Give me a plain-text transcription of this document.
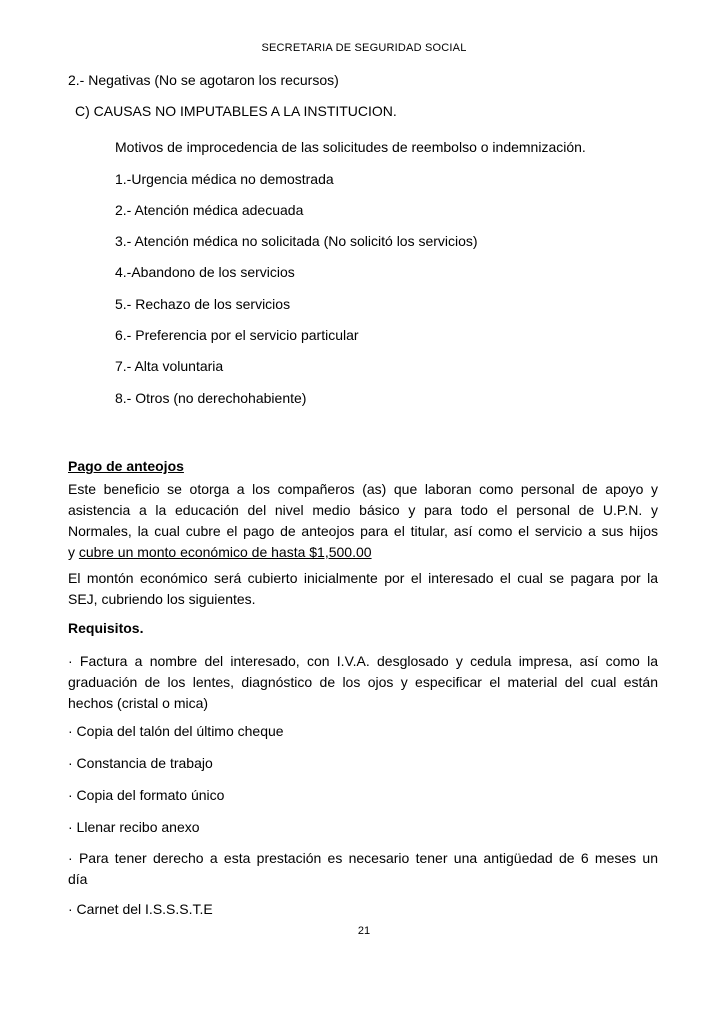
SECRETARIA DE SEGURIDAD SOCIAL
2.- Negativas (No se agotaron los recursos)
C) CAUSAS NO IMPUTABLES A LA INSTITUCION.
Motivos de improcedencia de las solicitudes de reembolso o indemnización.
1.-Urgencia médica no demostrada
2.- Atención médica adecuada
3.- Atención médica no solicitada (No solicitó los servicios)
4.-Abandono de los servicios
5.- Rechazo de los servicios
6.- Preferencia por el servicio particular
7.- Alta voluntaria
8.- Otros (no derechohabiente)
Pago de anteojos
Este beneficio se otorga a los compañeros (as) que laboran como personal de apoyo y
asistencia a la educación del nivel medio básico y para todo el personal de U.P.N. y
Normales, la cual cubre el pago de anteojos para el titular, así como el servicio a sus hijos
y cubre un monto económico de hasta $1,500.00
El montón económico será cubierto inicialmente por el interesado el cual se pagara por la
SEJ, cubriendo los siguientes.
Requisitos.
· Factura a nombre del interesado, con I.V.A. desglosado y cedula impresa, así como la
graduación de los lentes, diagnóstico de los ojos y especificar el material del cual están
hechos (cristal o mica)
· Copia del talón del último cheque
· Constancia de trabajo
· Copia del formato único
· Llenar recibo anexo
· Para tener derecho a esta prestación es necesario tener una antigüedad de 6 meses un
día
· Carnet del I.S.S.S.T.E
21
